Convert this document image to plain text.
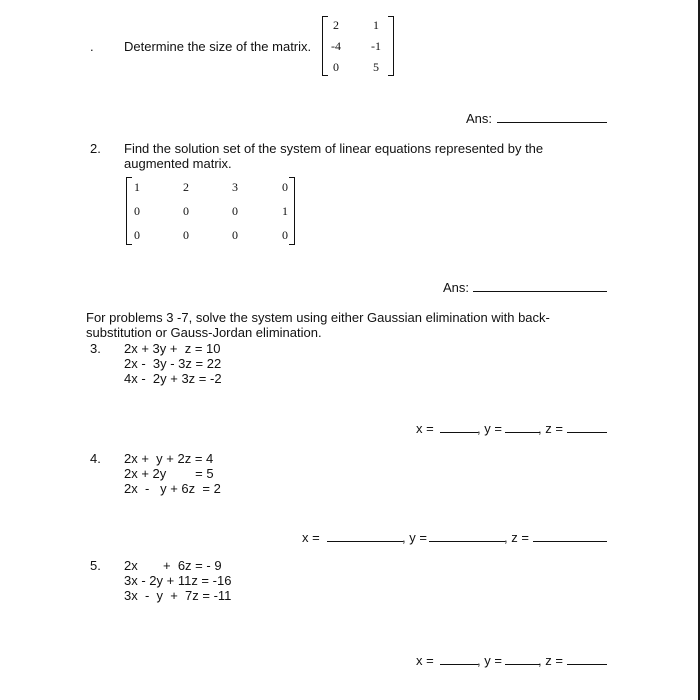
. Determine the size of the matrix.
2	1
-4	-1
0	5
Ans:
2. Find the solution set of the system of linear equations represented by the
augmented matrix.
1	2	3	0
0	0	0	1
0	0	0	0
Ans:
For problems 3 -7, solve the system using either Gaussian elimination with back-
substitution or Gauss-Jordan elimination.
3. 2x + 3y +  z = 10
2x -  3y - 3z = 22
4x -  2y + 3z = -2
x =	, y =	, z =
4. 2x +  y + 2z = 4
2x + 2y        = 5
2x  -   y + 6z  = 2
x =	, y =	, z =
5. 2x       +  6z = - 9
3x - 2y + 11z = -16
3x  -  y  +  7z = -11
x =	, y =	, z =
